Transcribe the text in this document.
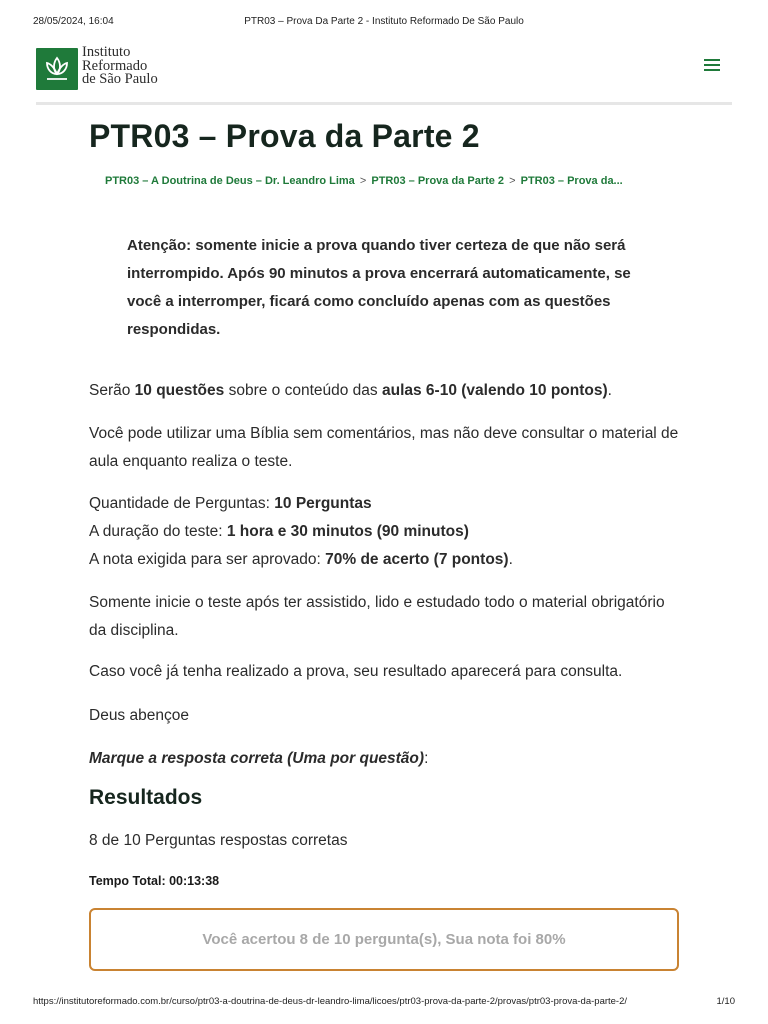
28/05/2024, 16:04	PTR03 – Prova Da Parte 2 - Instituto Reformado De São Paulo
Instituto
Reformado
de São Paulo
PTR03 – Prova da Parte 2
PTR03 – A Doutrina de Deus – Dr. Leandro Lima > PTR03 – Prova da Parte 2 > PTR03 – Prova da...
Atenção: somente inicie a prova quando tiver certeza de que não será interrompido. Após 90 minutos a prova encerrará automaticamente, se você a interromper, ficará como concluído apenas com as questões respondidas.
Serão 10 questões sobre o conteúdo das aulas 6-10 (valendo 10 pontos).
Você pode utilizar uma Bíblia sem comentários, mas não deve consultar o material de aula enquanto realiza o teste.
Quantidade de Perguntas: 10 Perguntas
A duração do teste: 1 hora e 30 minutos (90 minutos)
A nota exigida para ser aprovado: 70% de acerto (7 pontos).
Somente inicie o teste após ter assistido, lido e estudado todo o material obrigatório da disciplina.
Caso você já tenha realizado a prova, seu resultado aparecerá para consulta.
Deus abençoe
Marque a resposta correta (Uma por questão):
Resultados
8 de 10 Perguntas respostas corretas
Tempo Total: 00:13:38
Você acertou 8 de 10 pergunta(s), Sua nota foi 80%
https://institutoreformado.com.br/curso/ptr03-a-doutrina-de-deus-dr-leandro-lima/licoes/ptr03-prova-da-parte-2/provas/ptr03-prova-da-parte-2/	1/10
